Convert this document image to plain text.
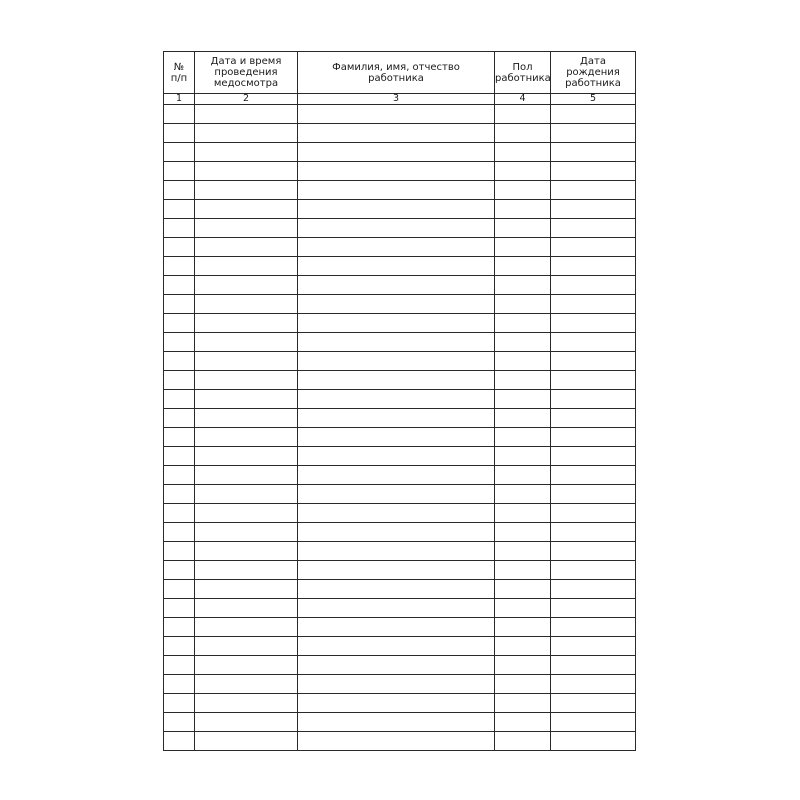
№
п/п	Дата и время
проведения
медосмотра	Фамилия, имя, отчество
работника	Пол
работника	Дата
рождения
работника
1	2	3	4	5
